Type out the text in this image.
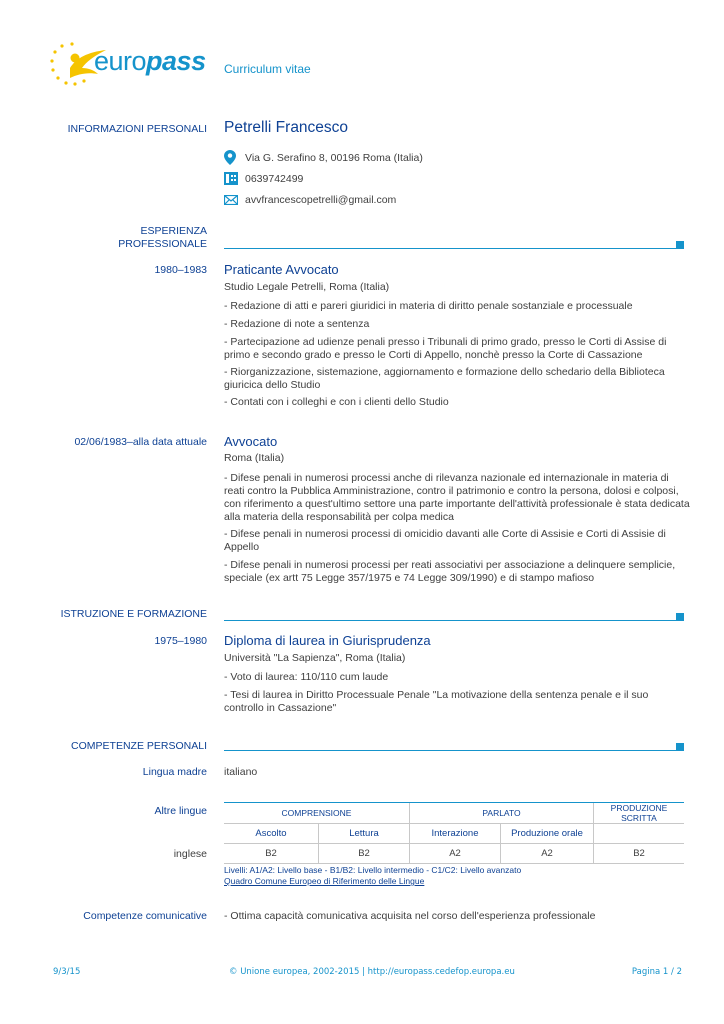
europass Curriculum vitae
INFORMAZIONI PERSONALI Petrelli Francesco
Via G. Serafino 8, 00196 Roma (Italia)
0639742499
avvfrancescopetrelli@gmail.com
ESPERIENZA
PROFESSIONALE
1980–1983 Praticante Avvocato
Studio Legale Petrelli, Roma (Italia)
- Redazione di atti e pareri giuridici in materia di diritto penale sostanziale e processuale
- Redazione di note a sentenza
- Partecipazione ad udienze penali presso i Tribunali di primo grado, presso le Corti di Assise di primo e secondo grado e presso le Corti di Appello, nonchè presso la Corte di Cassazione
- Riorganizzazione, sistemazione, aggiornamento e formazione dello schedario della Biblioteca giuricica dello Studio
- Contati con i colleghi e con i clienti dello Studio
02/06/1983–alla data attuale Avvocato
Roma (Italia)
- Difese penali in numerosi processi anche di rilevanza nazionale ed internazionale in materia di reati contro la Pubblica Amministrazione, contro il patrimonio e contro la persona, dolosi e colposi, con riferimento a quest'ultimo settore una parte importante dell'attività professionale è stata dedicata alla materia della responsabilità per colpa medica
- Difese penali in numerosi processi di omicidio davanti alle Corte di Assisie e Corti di Assisie di Appello
- Difese penali in numerosi processi per reati associativi per associazione a delinquere semplicie, speciale (ex artt 75 Legge 357/1975 e 74 Legge 309/1990) e di stampo mafioso
ISTRUZIONE E FORMAZIONE
1975–1980 Diploma di laurea in Giurisprudenza
Università "La Sapienza", Roma (Italia)
- Voto di laurea: 110/110 cum laude
- Tesi di laurea in Diritto Processuale Penale "La motivazione della sentenza penale e il suo controllo in Cassazione"
COMPETENZE PERSONALI
Lingua madre italiano
Altre lingue
inglese
COMPRENSIONE		PARLATO		PRODUZIONE SCRITTA
Ascolto	Lettura	Interazione	Produzione orale	
B2	B2	A2	A2	B2
Livelli: A1/A2: Livello base - B1/B2: Livello intermedio - C1/C2: Livello avanzato
Quadro Comune Europeo di Riferimento delle Lingue
Competenze comunicative - Ottima capacità comunicativa acquisita nel corso dell'esperienza professionale
9/3/15	© Unione europea, 2002-2015 | http://europass.cedefop.europa.eu	Pagina 1 / 2
